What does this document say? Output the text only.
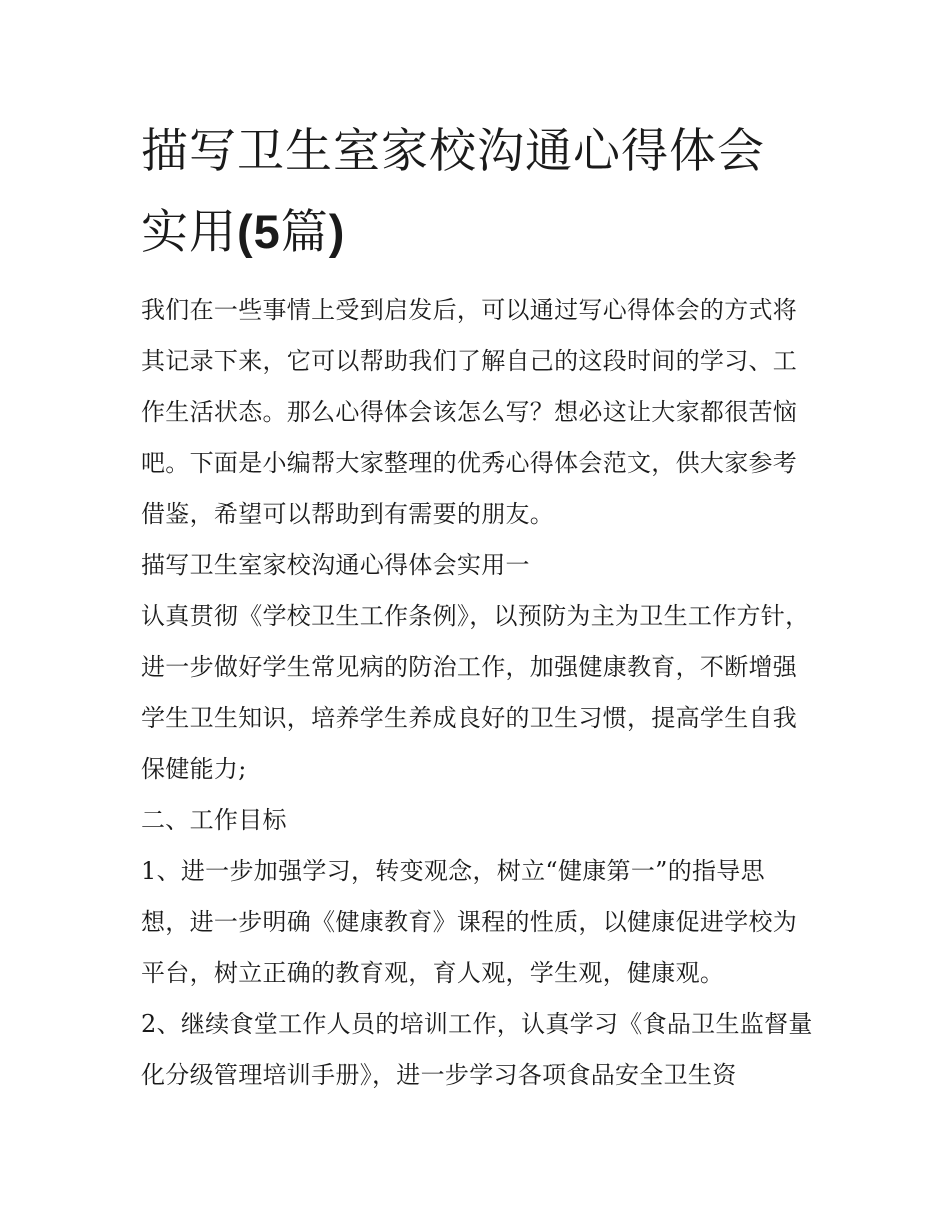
描写卫生室家校沟通心得体会
实用(5篇)

我们在一些事情上受到启发后，可以通过写心得体会的方式将其记录下来，它可以帮助我们了解自己的这段时间的学习、工作生活状态。那么心得体会该怎么写？想必这让大家都很苦恼吧。下面是小编帮大家整理的优秀心得体会范文，供大家参考借鉴，希望可以帮助到有需要的朋友。

描写卫生室家校沟通心得体会实用一

认真贯彻《学校卫生工作条例》，以预防为主为卫生工作方针，进一步做好学生常见病的防治工作，加强健康教育，不断增强学生卫生知识，培养学生养成良好的卫生习惯，提高学生自我保健能力;

二、工作目标

1、进一步加强学习，转变观念，树立“健康第一”的指导思想，进一步明确《健康教育》课程的性质，以健康促进学校为平台，树立正确的教育观，育人观，学生观，健康观。

2、继续食堂工作人员的培训工作，认真学习《食品卫生监督量化分级管理培训手册》，进一步学习各项食品安全卫生资
